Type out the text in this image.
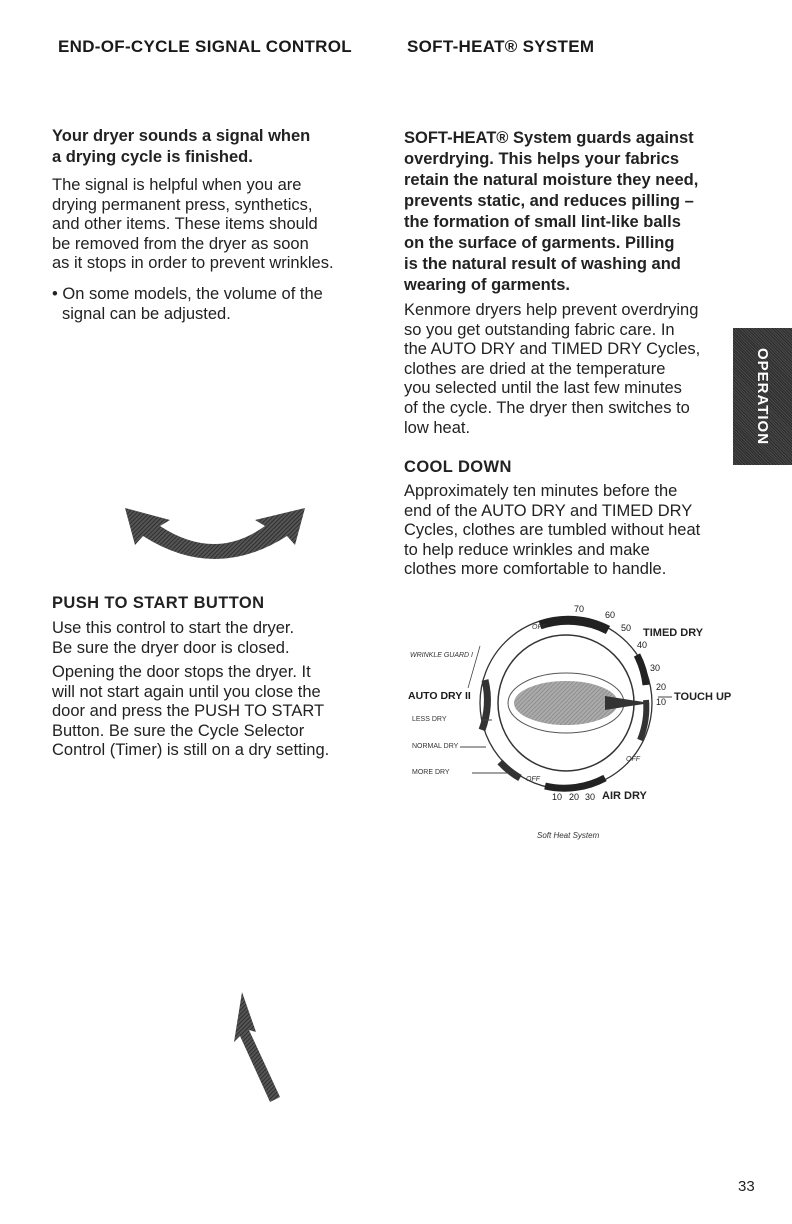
END-OF-CYCLE SIGNAL CONTROL	SOFT-HEAT® SYSTEM
Your dryer sounds a signal when
a drying cycle is finished.
The signal is helpful when you are
drying permanent press, synthetics,
and other items. These items should
be removed from the dryer as soon
as it stops in order to prevent wrinkles.
• On some models, the volume of the
signal can be adjusted.
PUSH TO START BUTTON
Use this control to start the dryer.
Be sure the dryer door is closed.
Opening the door stops the dryer. It
will not start again until you close the
door and press the PUSH TO START
Button. Be sure the Cycle Selector
Control (Timer) is still on a dry setting.
SOFT-HEAT® System guards against
overdrying. This helps your fabrics
retain the natural moisture they need,
prevents static, and reduces pilling –
the formation of small lint-like balls
on the surface of garments. Pilling
is the natural result of washing and
wearing of garments.
Kenmore dryers help prevent overdrying
so you get outstanding fabric care. In
the AUTO DRY and TIMED DRY Cycles,
clothes are dried at the temperature
you selected until the last few minutes
of the cycle. The dryer then switches to
low heat.	OPERATION
COOL DOWN
Approximately ten minutes before the
end of the AUTO DRY and TIMED DRY
Cycles, clothes are tumbled without heat
to help reduce wrinkles and make
clothes more comfortable to handle.
70
60
50
40
30
20
10
OFF
OFF
OFF
TIMED DRY
TOUCH UP
10 20 30 AIR DRY
WRINKLE GUARD I
AUTO DRY II
LESS DRY
NORMAL DRY
MORE DRY
Soft Heat System
33
